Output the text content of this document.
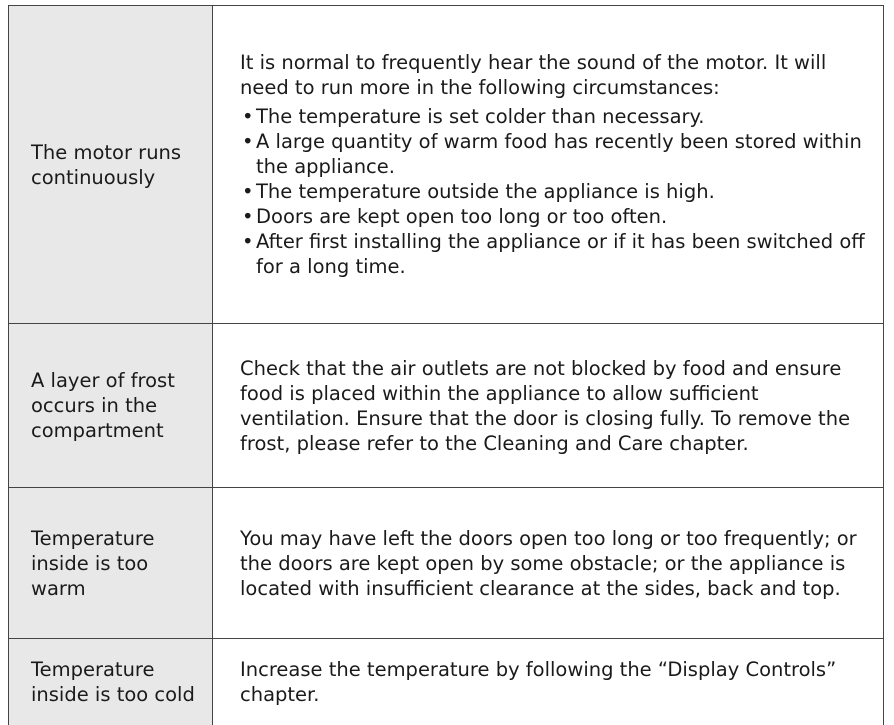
The motor runs continuously

It is normal to frequently hear the sound of the motor. It will need to run more in the following circumstances:

• The temperature is set colder than necessary.
• A large quantity of warm food has recently been stored within the appliance.
• The temperature outside the appliance is high.
• Doors are kept open too long or too often.
• After first installing the appliance or if it has been switched off for a long time.
A layer of frost occurs in the compartment

Check that the air outlets are not blocked by food and ensure food is placed within the appliance to allow sufficient ventilation. Ensure that the door is closing fully. To remove the frost, please refer to the Cleaning and Care chapter.

Temperature inside is too warm

You may have left the doors open too long or too frequently; or the doors are kept open by some obstacle; or the appliance is located with insufficient clearance at the sides, back and top.

Temperature inside is too cold

Increase the temperature by following the “Display Controls” chapter.
